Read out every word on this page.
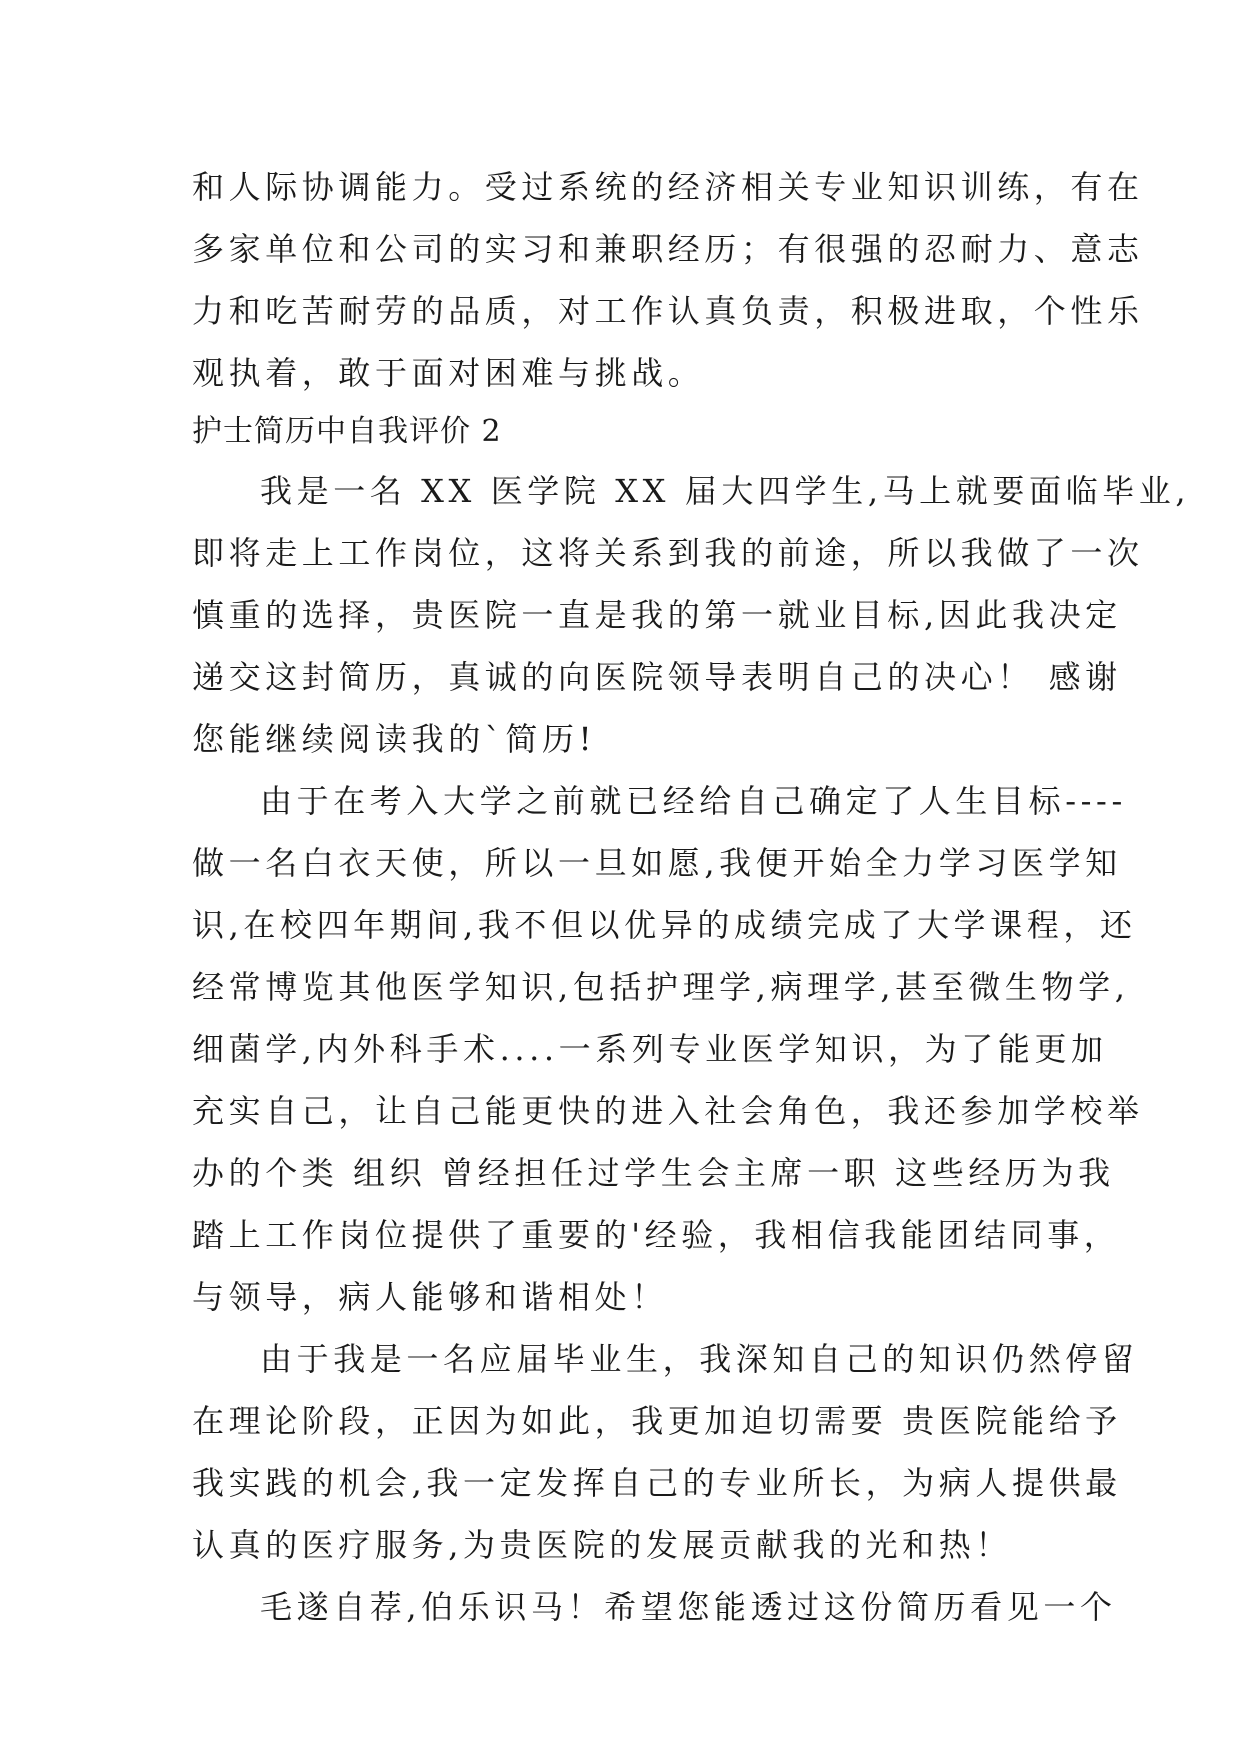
和人际协调能力。受过系统的经济相关专业知识训练，有在
多家单位和公司的实习和兼职经历；有很强的忍耐力、意志
力和吃苦耐劳的品质，对工作认真负责，积极进取，个性乐
观执着，敢于面对困难与挑战。
护士简历中自我评价 2
我是一名 XX 医学院 XX 届大四学生,马上就要面临毕业,
即将走上工作岗位，这将关系到我的前途，所以我做了一次
慎重的选择，贵医院一直是我的第一就业目标,因此我决定
递交这封简历，真诚的向医院领导表明自己的决心！ 感谢
您能继续阅读我的`简历!
由于在考入大学之前就已经给自己确定了人生目标----
做一名白衣天使，所以一旦如愿,我便开始全力学习医学知
识,在校四年期间,我不但以优异的成绩完成了大学课程，还
经常博览其他医学知识,包括护理学,病理学,甚至微生物学,
细菌学,内外科手术....一系列专业医学知识，为了能更加
充实自己，让自己能更快的进入社会角色，我还参加学校举
办的个类 组织 曾经担任过学生会主席一职 这些经历为我
踏上工作岗位提供了重要的'经验，我相信我能团结同事，
与领导，病人能够和谐相处！
由于我是一名应届毕业生，我深知自己的知识仍然停留
在理论阶段，正因为如此，我更加迫切需要 贵医院能给予
我实践的机会,我一定发挥自己的专业所长，为病人提供最
认真的医疗服务,为贵医院的发展贡献我的光和热！
毛遂自荐,伯乐识马！希望您能透过这份简历看见一个
